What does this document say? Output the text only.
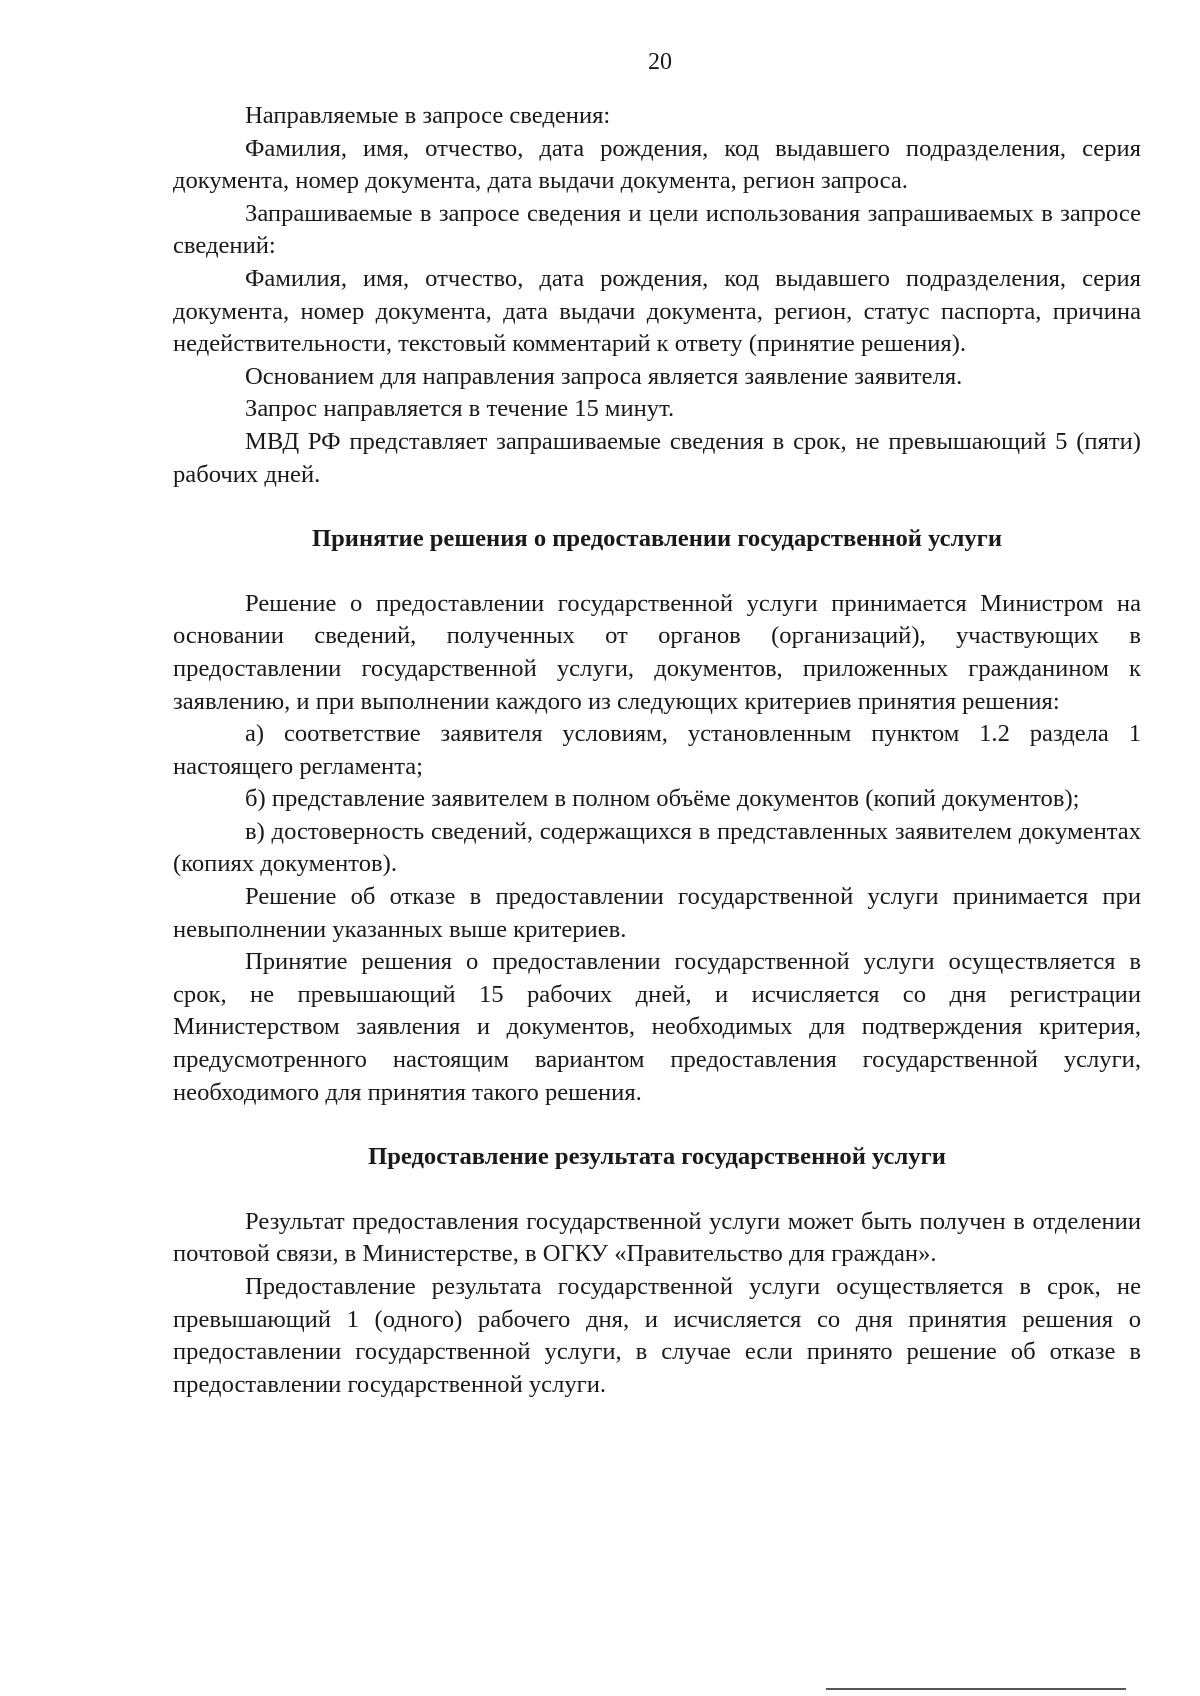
20

Направляемые в запросе сведения:

Фамилия, имя, отчество, дата рождения, код выдавшего подразделения, серия документа, номер документа, дата выдачи документа, регион запроса.

Запрашиваемые в запросе сведения и цели использования запрашиваемых в запросе сведений:

Фамилия, имя, отчество, дата рождения, код выдавшего подразделения, серия документа, номер документа, дата выдачи документа, регион, статус паспорта, причина недействительности, текстовый комментарий к ответу (принятие решения).

Основанием для направления запроса является заявление заявителя.

Запрос направляется в течение 15 минут.

МВД РФ представляет запрашиваемые сведения в срок, не превышающий 5 (пяти) рабочих дней.

Принятие решения о предоставлении государственной услуги

Решение о предоставлении государственной услуги принимается Министром на основании сведений, полученных от органов (организаций), участвующих в предоставлении государственной услуги, документов, приложенных гражданином к заявлению, и при выполнении каждого из следующих критериев принятия решения:

а) соответствие заявителя условиям, установленным пунктом 1.2 раздела 1 настоящего регламента;

б) представление заявителем в полном объёме документов (копий документов);

в) достоверность сведений, содержащихся в представленных заявителем документах (копиях документов).

Решение об отказе в предоставлении государственной услуги принимается при невыполнении указанных выше критериев.

Принятие решения о предоставлении государственной услуги осуществляется в срок, не превышающий 15 рабочих дней, и исчисляется со дня регистрации Министерством заявления и документов, необходимых для подтверждения критерия, предусмотренного настоящим вариантом предоставления государственной услуги, необходимого для принятия такого решения.

Предоставление результата государственной услуги

Результат предоставления государственной услуги может быть получен в отделении почтовой связи, в Министерстве, в ОГКУ «Правительство для граждан».

Предоставление результата государственной услуги осуществляется в срок, не превышающий 1 (одного) рабочего дня, и исчисляется со дня принятия решения о предоставлении государственной услуги, в случае если принято решение об отказе в предоставлении государственной услуги.
